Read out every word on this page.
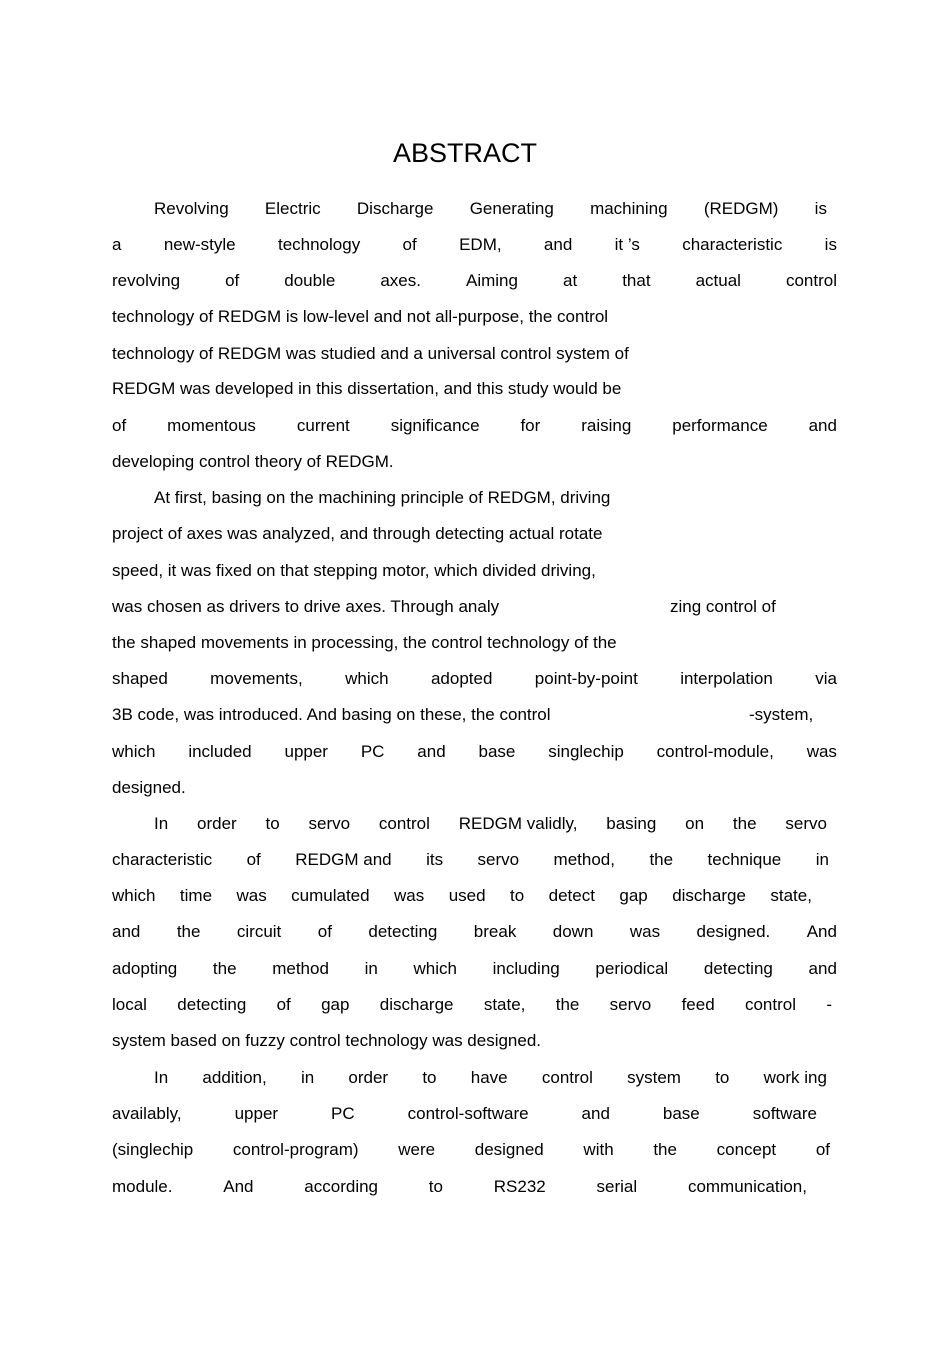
ABSTRACT
Revolving Electric Discharge Generating machining (REDGM) is
a new-style technology of EDM, and it ’s characteristic is
revolving	of	double	axes.	Aiming	at	that	actual	control
technology of REDGM is low-level and not all-purpose, the control
technology of REDGM was studied and a universal control system of
REDGM was developed in this dissertation, and this study would be
of momentous current significance for raising performance and
developing control theory of REDGM.
At first, basing on the machining principle of REDGM, driving
project of axes was analyzed, and through detecting actual rotate
speed, it was fixed on that stepping motor, which divided driving,
was chosen as drivers to drive axes. Through analy	zing control of
the shaped movements in processing, the control technology of the
shaped movements, which adopted point-by-point interpolation via
3B code, was introduced. And basing on these, the control	-system,
which included upper PC and base singlechip control-module, was
designed.
In order to servo control REDGM validly, basing on the servo
characteristic of REDGM and its servo method, the technique in
which time was cumulated was used to detect gap discharge state,
and the circuit of detecting break down was designed. And
adopting the method in which including periodical detecting and
local detecting of gap discharge state, the servo feed control -
system based on fuzzy control technology was designed.
In addition, in order to have control system to work ing
availably,	upper	PC	control-software	and	base	software
(singlechip control-program) were designed with the concept of
module.	And	according	to	RS232	serial	communication,
